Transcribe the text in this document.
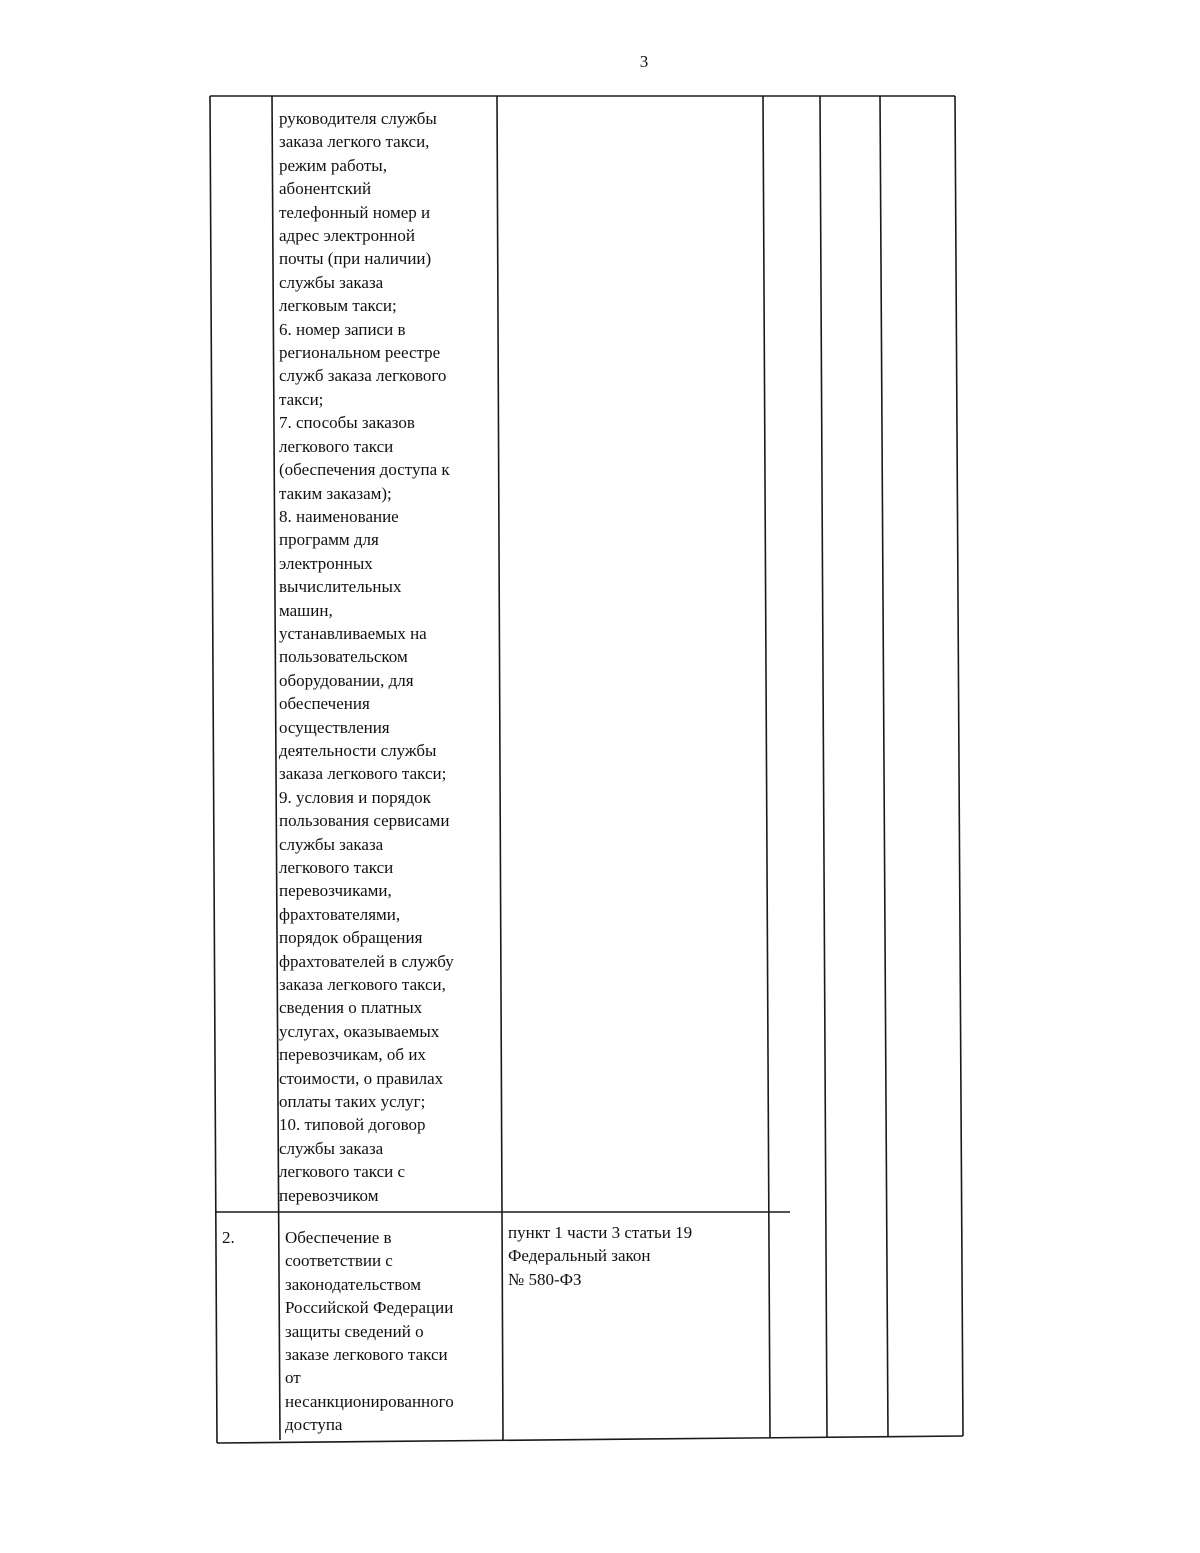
3
руководителя службы
заказа легкого такси,
режим работы,
абонентский
телефонный номер и
адрес электронной
почты (при наличии)
службы заказа
легковым такси;
6. номер записи в
региональном реестре
служб заказа легкового
такси;
7. способы заказов
легкового такси
(обеспечения доступа к
таким заказам);
8. наименование
программ для
электронных
вычислительных
машин,
устанавливаемых на
пользовательском
оборудовании, для
обеспечения
осуществления
деятельности службы
заказа легкового такси;
9. условия и порядок
пользования сервисами
службы заказа
легкового такси
перевозчиками,
фрахтователями,
порядок обращения
фрахтователей в службу
заказа легкового такси,
сведения о платных
услугах, оказываемых
перевозчикам, об их
стоимости, о правилах
оплаты таких услуг;
10. типовой договор
службы заказа
легкового такси с
перевозчиком
2.	Обеспечение в
соответствии с
законодательством
Российской Федерации
защиты сведений о
заказе легкового такси
от
несанкционированного
доступа
пункт 1 части 3 статьи 19
Федеральный закон
№ 580-ФЗ
